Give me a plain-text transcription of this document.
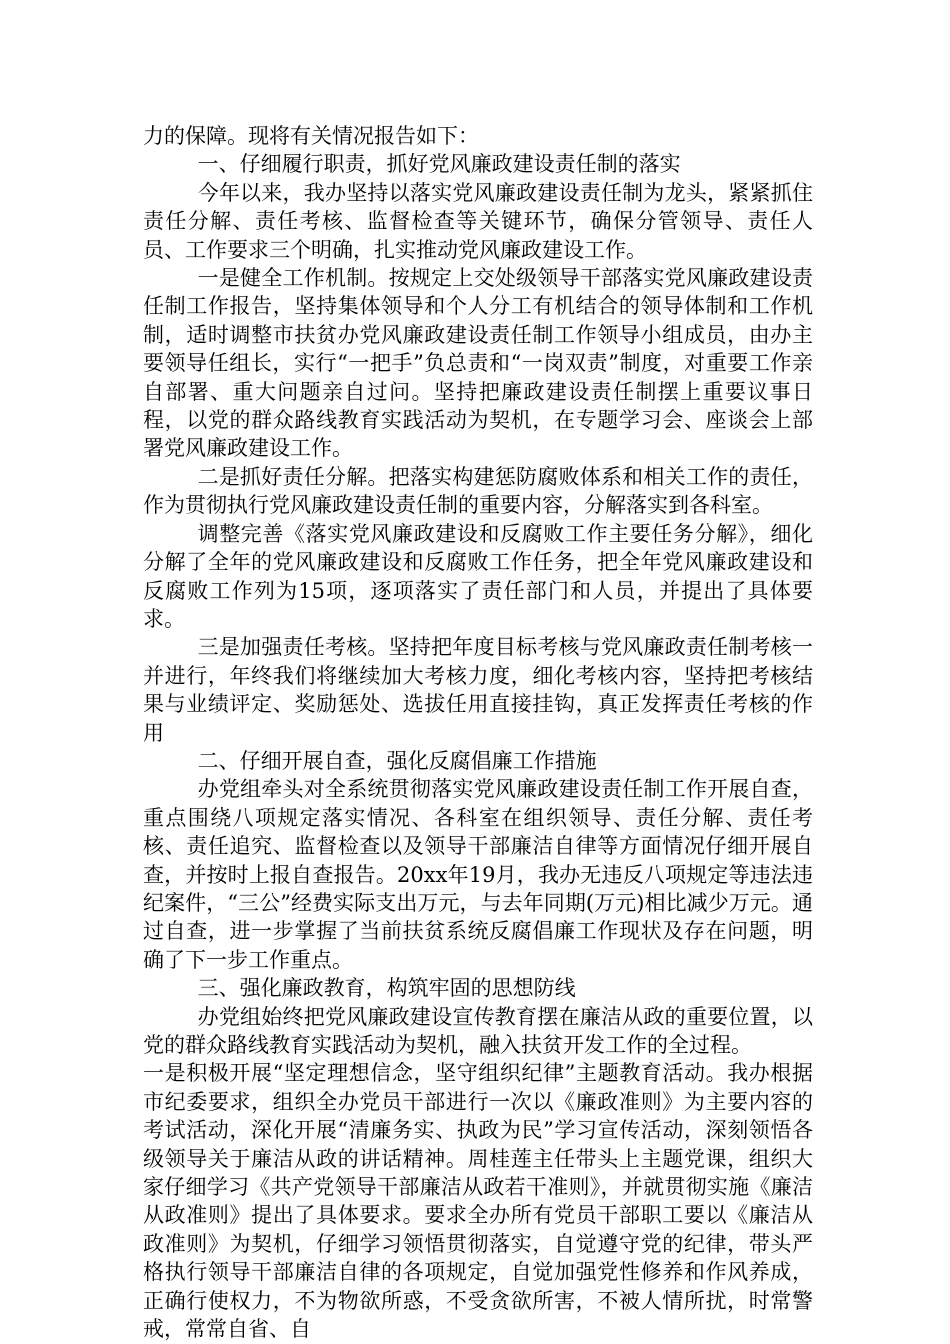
力的保障。现将有关情况报告如下：

一、仔细履行职责，抓好党风廉政建设责任制的落实

今年以来，我办坚持以落实党风廉政建设责任制为龙头，紧紧抓住责任分解、责任考核、监督检查等关键环节，确保分管领导、责任人员、工作要求三个明确，扎实推动党风廉政建设工作。

一是健全工作机制。按规定上交处级领导干部落实党风廉政建设责任制工作报告，坚持集体领导和个人分工有机结合的领导体制和工作机制，适时调整市扶贫办党风廉政建设责任制工作领导小组成员，由办主要领导任组长，实行“一把手”负总责和“一岗双责”制度，对重要工作亲自部署、重大问题亲自过问。坚持把廉政建设责任制摆上重要议事日程，以党的群众路线教育实践活动为契机，在专题学习会、座谈会上部署党风廉政建设工作。

二是抓好责任分解。把落实构建惩防腐败体系和相关工作的责任，作为贯彻执行党风廉政建设责任制的重要内容，分解落实到各科室。

调整完善《落实党风廉政建设和反腐败工作主要任务分解》，细化分解了全年的党风廉政建设和反腐败工作任务，把全年党风廉政建设和反腐败工作列为15项，逐项落实了责任部门和人员，并提出了具体要求。

三是加强责任考核。坚持把年度目标考核与党风廉政责任制考核一并进行，年终我们将继续加大考核力度，细化考核内容，坚持把考核结果与业绩评定、奖励惩处、选拔任用直接挂钩，真正发挥责任考核的作用

二、仔细开展自查，强化反腐倡廉工作措施

办党组牵头对全系统贯彻落实党风廉政建设责任制工作开展自查，重点围绕八项规定落实情况、各科室在组织领导、责任分解、责任考核、责任追究、监督检查以及领导干部廉洁自律等方面情况仔细开展自查，并按时上报自查报告。20xx年19月，我办无违反八项规定等违法违纪案件，“三公”经费实际支出万元，与去年同期(万元)相比减少万元。通过自查，进一步掌握了当前扶贫系统反腐倡廉工作现状及存在问题，明确了下一步工作重点。

三、强化廉政教育，构筑牢固的思想防线

办党组始终把党风廉政建设宣传教育摆在廉洁从政的重要位置，以党的群众路线教育实践活动为契机，融入扶贫开发工作的全过程。

一是积极开展“坚定理想信念，坚守组织纪律”主题教育活动。我办根据市纪委要求，组织全办党员干部进行一次以《廉政准则》为主要内容的考试活动，深化开展“清廉务实、执政为民”学习宣传活动，深刻领悟各级领导关于廉洁从政的讲话精神。周桂莲主任带头上主题党课，组织大家仔细学习《共产党领导干部廉洁从政若干准则》，并就贯彻实施《廉洁从政准则》提出了具体要求。要求全办所有党员干部职工要以《廉洁从政准则》为契机，仔细学习领悟贯彻落实，自觉遵守党的纪律，带头严格执行领导干部廉洁自律的各项规定，自觉加强党性修养和作风养成，正确行使权力，不为物欲所惑，不受贪欲所害，不被人情所扰，时常警戒，常常自省、自
